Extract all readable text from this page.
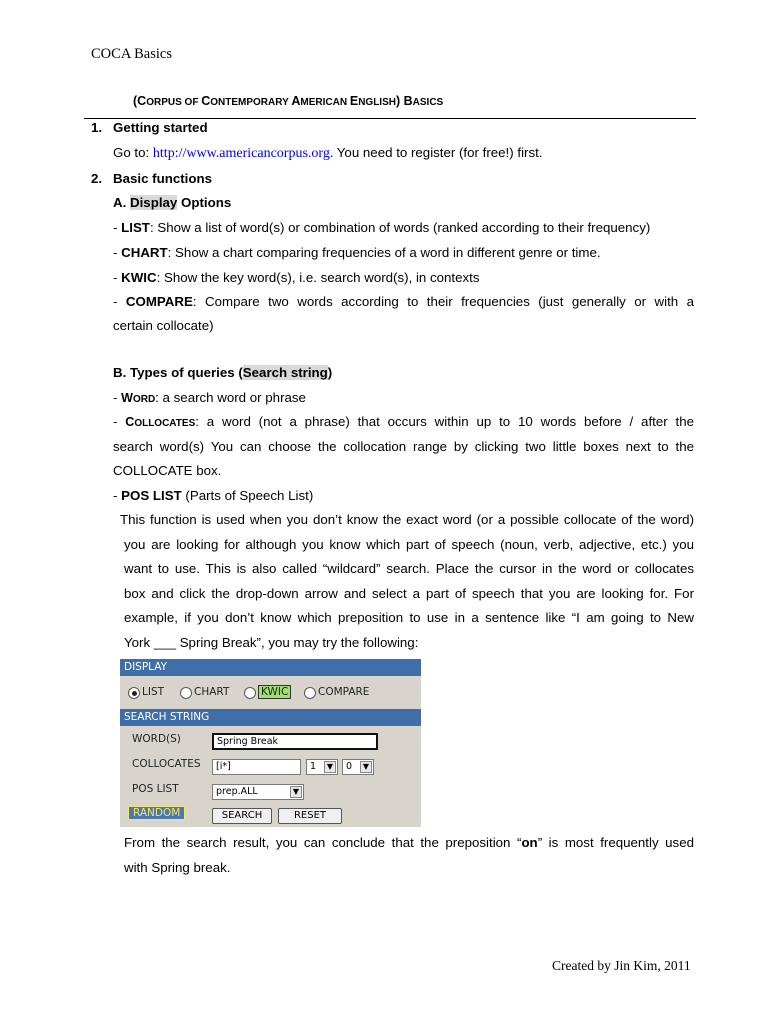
COCA Basics
(CORPUS OF CONTEMPORARY AMERICAN ENGLISH) BASICS
1. Getting started
Go to: http://www.americancorpus.org. You need to register (for free!) first.
2. Basic functions
A. Display Options
- LIST: Show a list of word(s) or combination of words (ranked according to their frequency)
- CHART: Show a chart comparing frequencies of a word in different genre or time.
- KWIC: Show the key word(s), i.e. search word(s), in contexts
- COMPARE: Compare two words according to their frequencies (just generally or with a
certain collocate)
B. Types of queries (Search string)
- WORD: a search word or phrase
- COLLOCATES: a word (not a phrase) that occurs within up to 10 words before / after the
search word(s) You can choose the collocation range by clicking two little boxes next to the
COLLOCATE box.
- POS LIST (Parts of Speech List)
This function is used when you don’t know the exact word (or a possible collocate of the word)
you are looking for although you know which part of speech (noun, verb, adjective, etc.) you
want to use. This is also called “wildcard” search. Place the cursor in the word or collocates
box and click the drop-down arrow and select a part of speech that you are looking for. For
example, if you don’t know which preposition to use in a sentence like “I am going to New
York ___ Spring Break”, you may try the following:
DISPLAY
LIST	CHART	KWIC	COMPARE
SEARCH STRING
WORD(S)	Spring Break
COLLOCATES	[i*]	1	▼	0	▼
POS LIST	prep.ALL	▼
RANDOM	SEARCH	RESET
From the search result, you can conclude that the preposition “on” is most frequently used
with Spring break.
Created by Jin Kim, 2011
